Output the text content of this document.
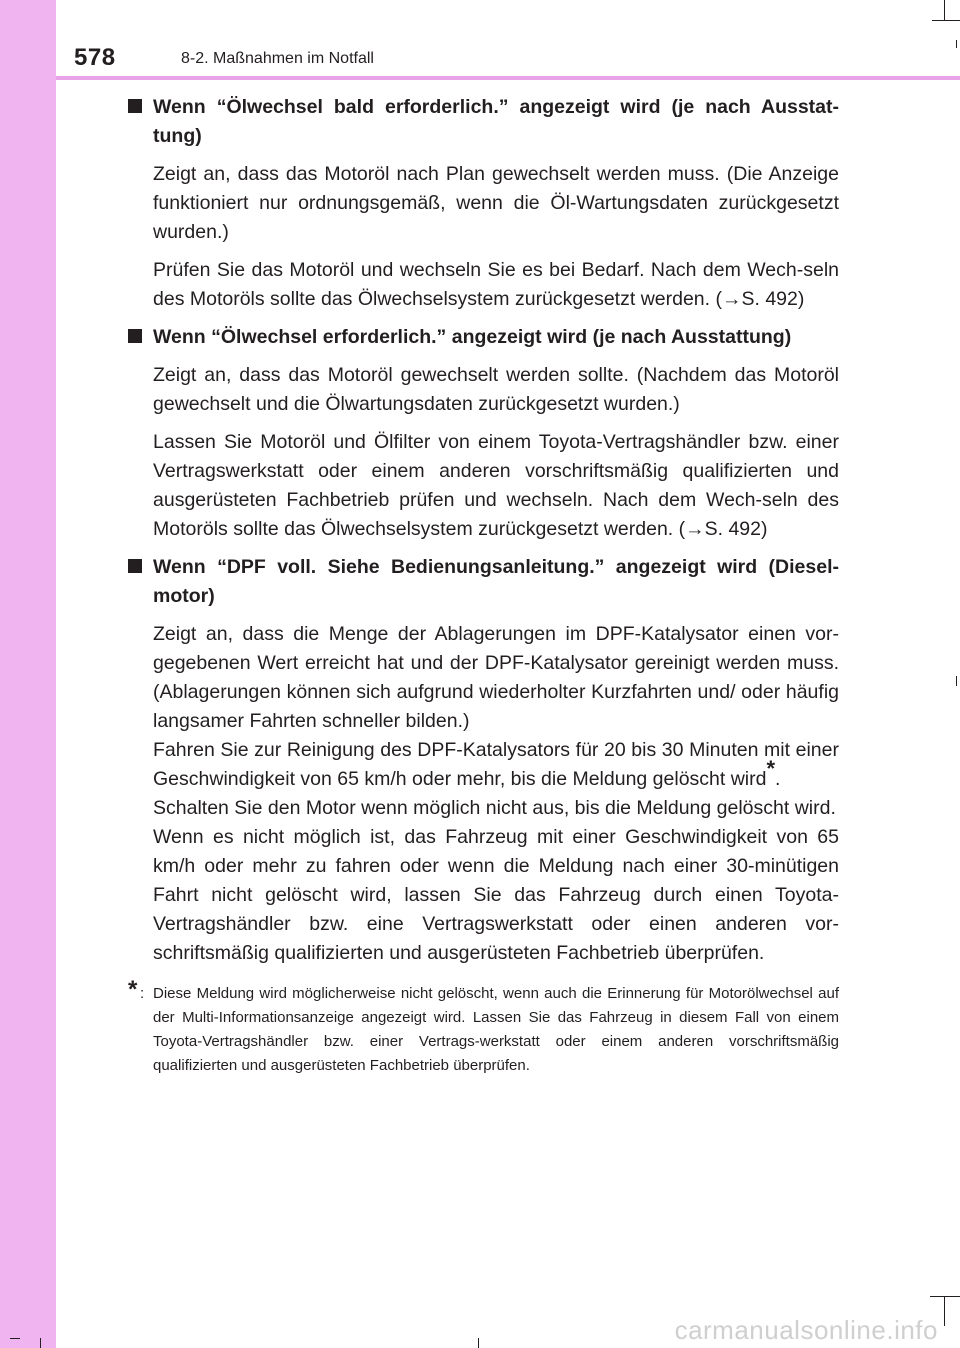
578	8-2. Maßnahmen im Notfall
Wenn “Ölwechsel bald erforderlich.” angezeigt wird (je nach Ausstat-tung)
Zeigt an, dass das Motoröl nach Plan gewechselt werden muss. (Die Anzeige funktioniert nur ordnungsgemäß, wenn die Öl-Wartungsdaten zurückgesetzt wurden.)
Prüfen Sie das Motoröl und wechseln Sie es bei Bedarf. Nach dem Wech-seln des Motoröls sollte das Ölwechselsystem zurückgesetzt werden. (→S. 492)
Wenn “Ölwechsel erforderlich.” angezeigt wird (je nach Ausstattung)
Zeigt an, dass das Motoröl gewechselt werden sollte. (Nachdem das Motoröl gewechselt und die Ölwartungsdaten zurückgesetzt wurden.)
Lassen Sie Motoröl und Ölfilter von einem Toyota-Vertragshändler bzw. einer Vertragswerkstatt oder einem anderen vorschriftsmäßig qualifizierten und ausgerüsteten Fachbetrieb prüfen und wechseln. Nach dem Wech-seln des Motoröls sollte das Ölwechselsystem zurückgesetzt werden. (→S. 492)
Wenn “DPF voll. Siehe Bedienungsanleitung.” angezeigt wird (Diesel-motor)
Zeigt an, dass die Menge der Ablagerungen im DPF-Katalysator einen vor-gegebenen Wert erreicht hat und der DPF-Katalysator gereinigt werden muss. (Ablagerungen können sich aufgrund wiederholter Kurzfahrten und/ oder häufig langsamer Fahrten schneller bilden.)
Fahren Sie zur Reinigung des DPF-Katalysators für 20 bis 30 Minuten mit einer Geschwindigkeit von 65 km/h oder mehr, bis die Meldung gelöscht wird*.
Schalten Sie den Motor wenn möglich nicht aus, bis die Meldung gelöscht wird.
Wenn es nicht möglich ist, das Fahrzeug mit einer Geschwindigkeit von 65 km/h oder mehr zu fahren oder wenn die Meldung nach einer 30-minütigen Fahrt nicht gelöscht wird, lassen Sie das Fahrzeug durch einen Toyota-Vertragshändler bzw. eine Vertragswerkstatt oder einen anderen vor-schriftsmäßig qualifizierten und ausgerüsteten Fachbetrieb überprüfen.
* : Diese Meldung wird möglicherweise nicht gelöscht, wenn auch die Erinnerung für Motorölwechsel auf der Multi-Informationsanzeige angezeigt wird. Lassen Sie das Fahrzeug in diesem Fall von einem Toyota-Vertragshändler bzw. einer Vertrags-werkstatt oder einem anderen vorschriftsmäßig qualifizierten und ausgerüsteten Fachbetrieb überprüfen.
carmanualsonline.info
